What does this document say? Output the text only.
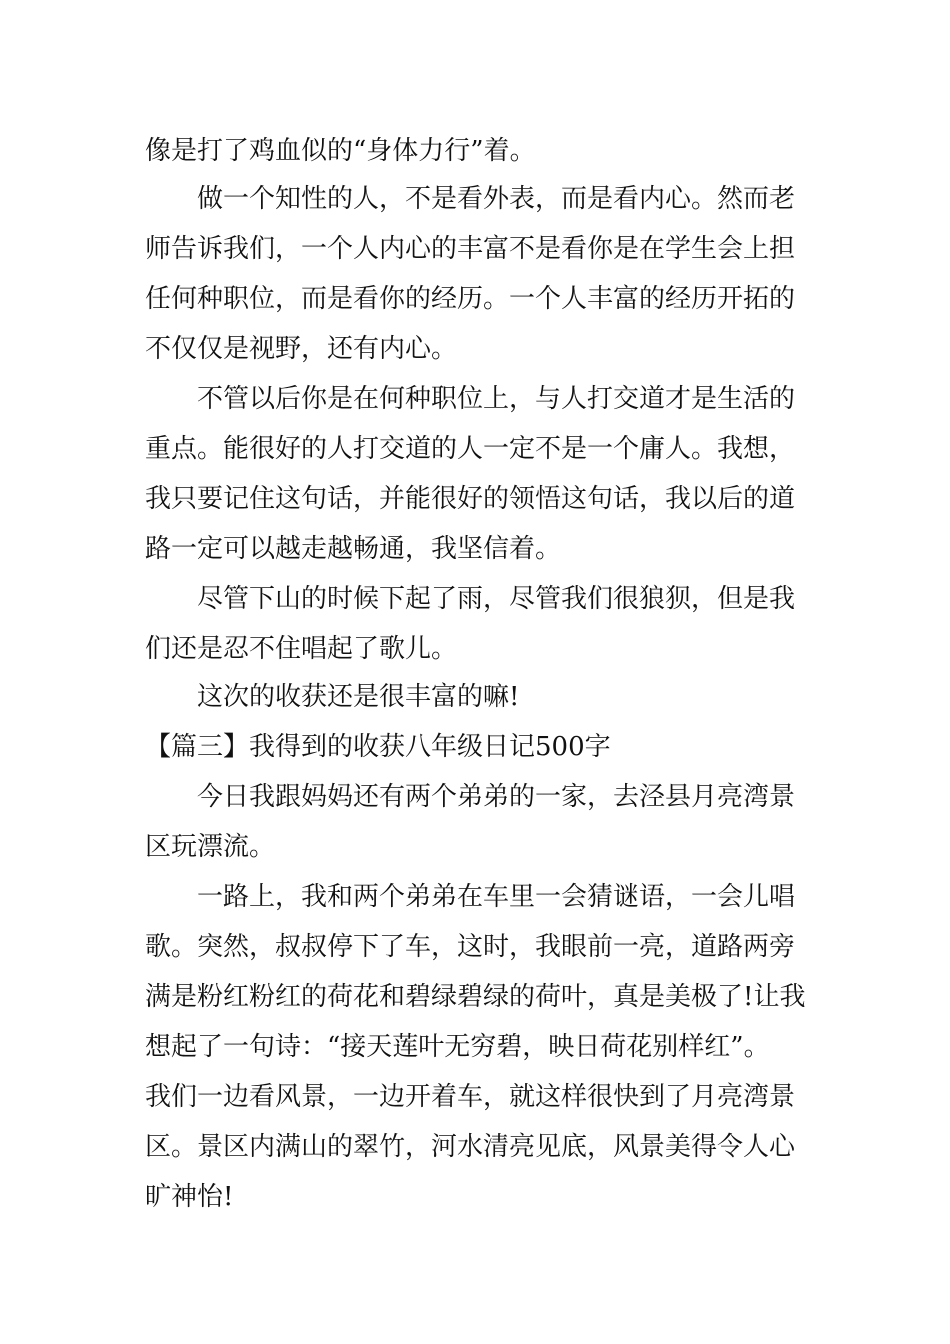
像是打了鸡血似的“身体力行”着。
做一个知性的人，不是看外表，而是看内心。然而老
师告诉我们，一个人内心的丰富不是看你是在学生会上担
任何种职位，而是看你的经历。一个人丰富的经历开拓的
不仅仅是视野，还有内心。
不管以后你是在何种职位上，与人打交道才是生活的
重点。能很好的人打交道的人一定不是一个庸人。我想，
我只要记住这句话，并能很好的领悟这句话，我以后的道
路一定可以越走越畅通，我坚信着。
尽管下山的时候下起了雨，尽管我们很狼狈，但是我
们还是忍不住唱起了歌儿。
这次的收获还是很丰富的嘛!
【篇三】我得到的收获八年级日记500字
今日我跟妈妈还有两个弟弟的一家，去泾县月亮湾景
区玩漂流。
一路上，我和两个弟弟在车里一会猜谜语，一会儿唱
歌。突然，叔叔停下了车，这时，我眼前一亮，道路两旁
满是粉红粉红的荷花和碧绿碧绿的荷叶，真是美极了!让我
想起了一句诗：“接天莲叶无穷碧，映日荷花别样红”。
我们一边看风景，一边开着车，就这样很快到了月亮湾景
区。景区内满山的翠竹，河水清亮见底，风景美得令人心
旷神怡!
